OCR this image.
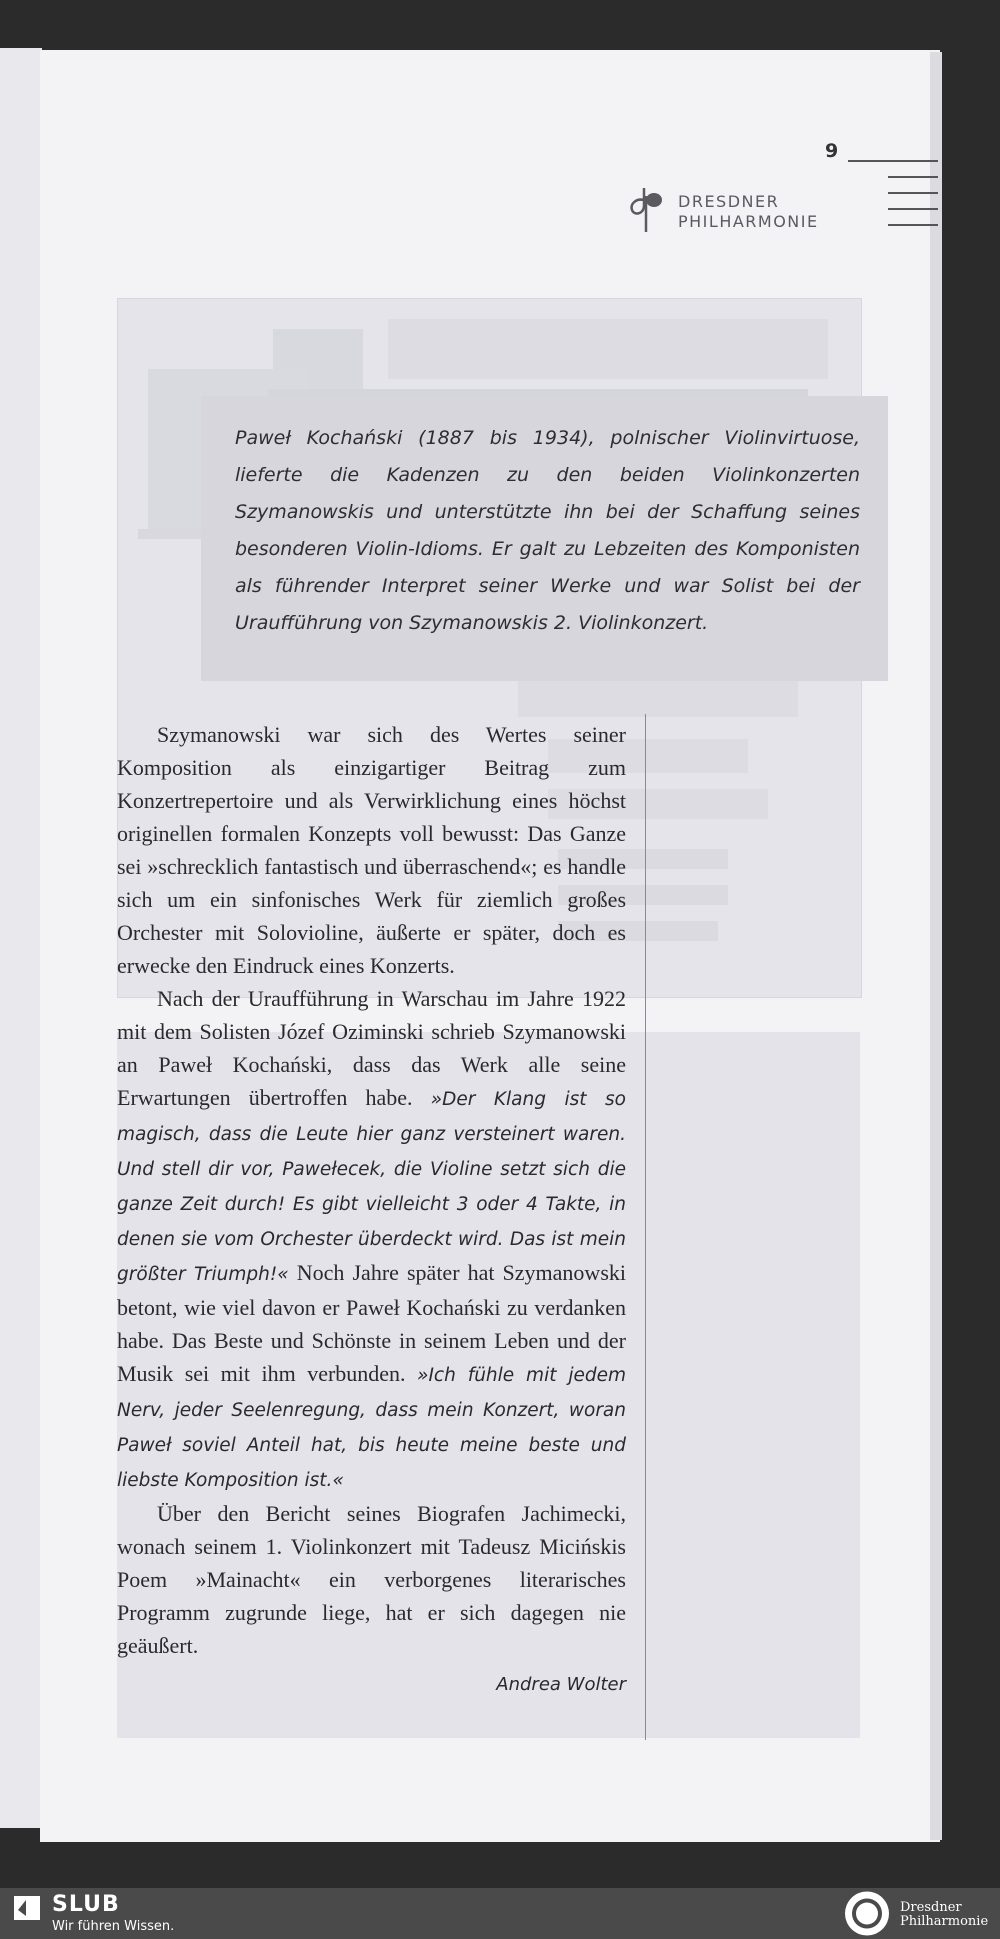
9
DRESDNER
PHILHARMONIE
Paweł Kochański (1887 bis 1934), polnischer Violinvirtuose, lieferte die Kadenzen zu den beiden Violinkonzerten Szymanowskis und unterstützte ihn bei der Schaffung seines besonderen Violin-Idioms. Er galt zu Lebzeiten des Komponisten als führender Interpret seiner Werke und war Solist bei der Uraufführung von Szymanowskis 2. Violinkonzert.

Szymanowski war sich des Wertes seiner Komposition als einzigartiger Beitrag zum Konzertrepertoire und als Verwirklichung eines höchst originellen formalen Konzepts voll bewusst: Das Ganze sei »schrecklich fantastisch und überraschend«; es handle sich um ein sinfonisches Werk für ziemlich großes Orchester mit Solovioline, äußerte er später, doch es erwecke den Eindruck eines Konzerts.

Nach der Uraufführung in Warschau im Jahre 1922 mit dem Solisten Józef Oziminski schrieb Szymanowski an Paweł Kochański, dass das Werk alle seine Erwartungen übertroffen habe. »Der Klang ist so magisch, dass die Leute hier ganz versteinert waren. Und stell dir vor, Pawełecek, die Violine setzt sich die ganze Zeit durch! Es gibt vielleicht 3 oder 4 Takte, in denen sie vom Orchester überdeckt wird. Das ist mein größter Triumph!« Noch Jahre später hat Szymanowski betont, wie viel davon er Paweł Kochański zu verdanken habe. Das Beste und Schönste in seinem Leben und der Musik sei mit ihm verbunden. »Ich fühle mit jedem Nerv, jeder Seelenregung, dass mein Konzert, woran Paweł soviel Anteil hat, bis heute meine beste und liebste Komposition ist.«

Über den Bericht seines Biografen Jachimecki, wonach seinem 1. Violinkonzert mit Tadeusz Micińskis Poem »Mainacht« ein verborgenes literarisches Programm zugrunde liege, hat er sich dagegen nie geäußert.

Andrea Wolter
SLUB
Wir führen Wissen.
Dresdner
Philharmonie
